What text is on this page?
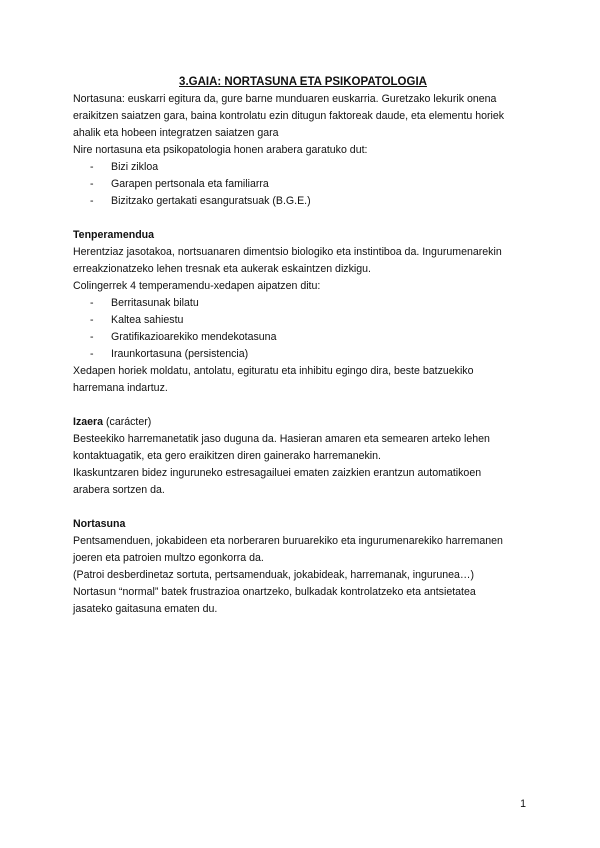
3.GAIA: NORTASUNA ETA PSIKOPATOLOGIA

Nortasuna: euskarri egitura da, gure barne munduaren euskarria. Guretzako lekurik onena

eraikitzen saiatzen gara, baina kontrolatu ezin ditugun faktoreak daude, eta elementu horiek

ahalik eta hobeen integratzen saiatzen gara

Nire nortasuna eta psikopatologia honen arabera garatuko dut:

- Bizi zikloa
- Garapen pertsonala eta familiarra
- Bizitzako gertakati esanguratsuak (B.G.E.)

Tenperamendua

Herentziaz jasotakoa, nortsuanaren dimentsio biologiko eta instintiboa da. Ingurumenarekin

erreakzionatzeko lehen tresnak eta aukerak eskaintzen dizkigu.

Colingerrek 4 temperamendu-xedapen aipatzen ditu:

- Berritasunak bilatu
- Kaltea sahiestu
- Gratifikazioarekiko mendekotasuna
- Iraunkortasuna (persistencia)

Xedapen horiek moldatu, antolatu, egituratu eta inhibitu egingo dira, beste batzuekiko

harremana indartuz.

Izaera (carácter)

Besteekiko harremanetatik jaso duguna da. Hasieran amaren eta semearen arteko lehen

kontaktuagatik, eta gero eraikitzen diren gainerako harremanekin.

Ikaskuntzaren bidez inguruneko estresagailuei ematen zaizkien erantzun automatikoen

arabera sortzen da.

Nortasuna

Pentsamenduen, jokabideen eta norberaren buruarekiko eta ingurumenarekiko harremanen

joeren eta patroien multzo egonkorra da.

(Patroi desberdinetaz sortuta, pertsamenduak, jokabideak, harremanak, ingurunea…)

Nortasun “normal” batek frustrazioa onartzeko, bulkadak kontrolatzeko eta antsietatea

jasateko gaitasuna ematen du.

1
